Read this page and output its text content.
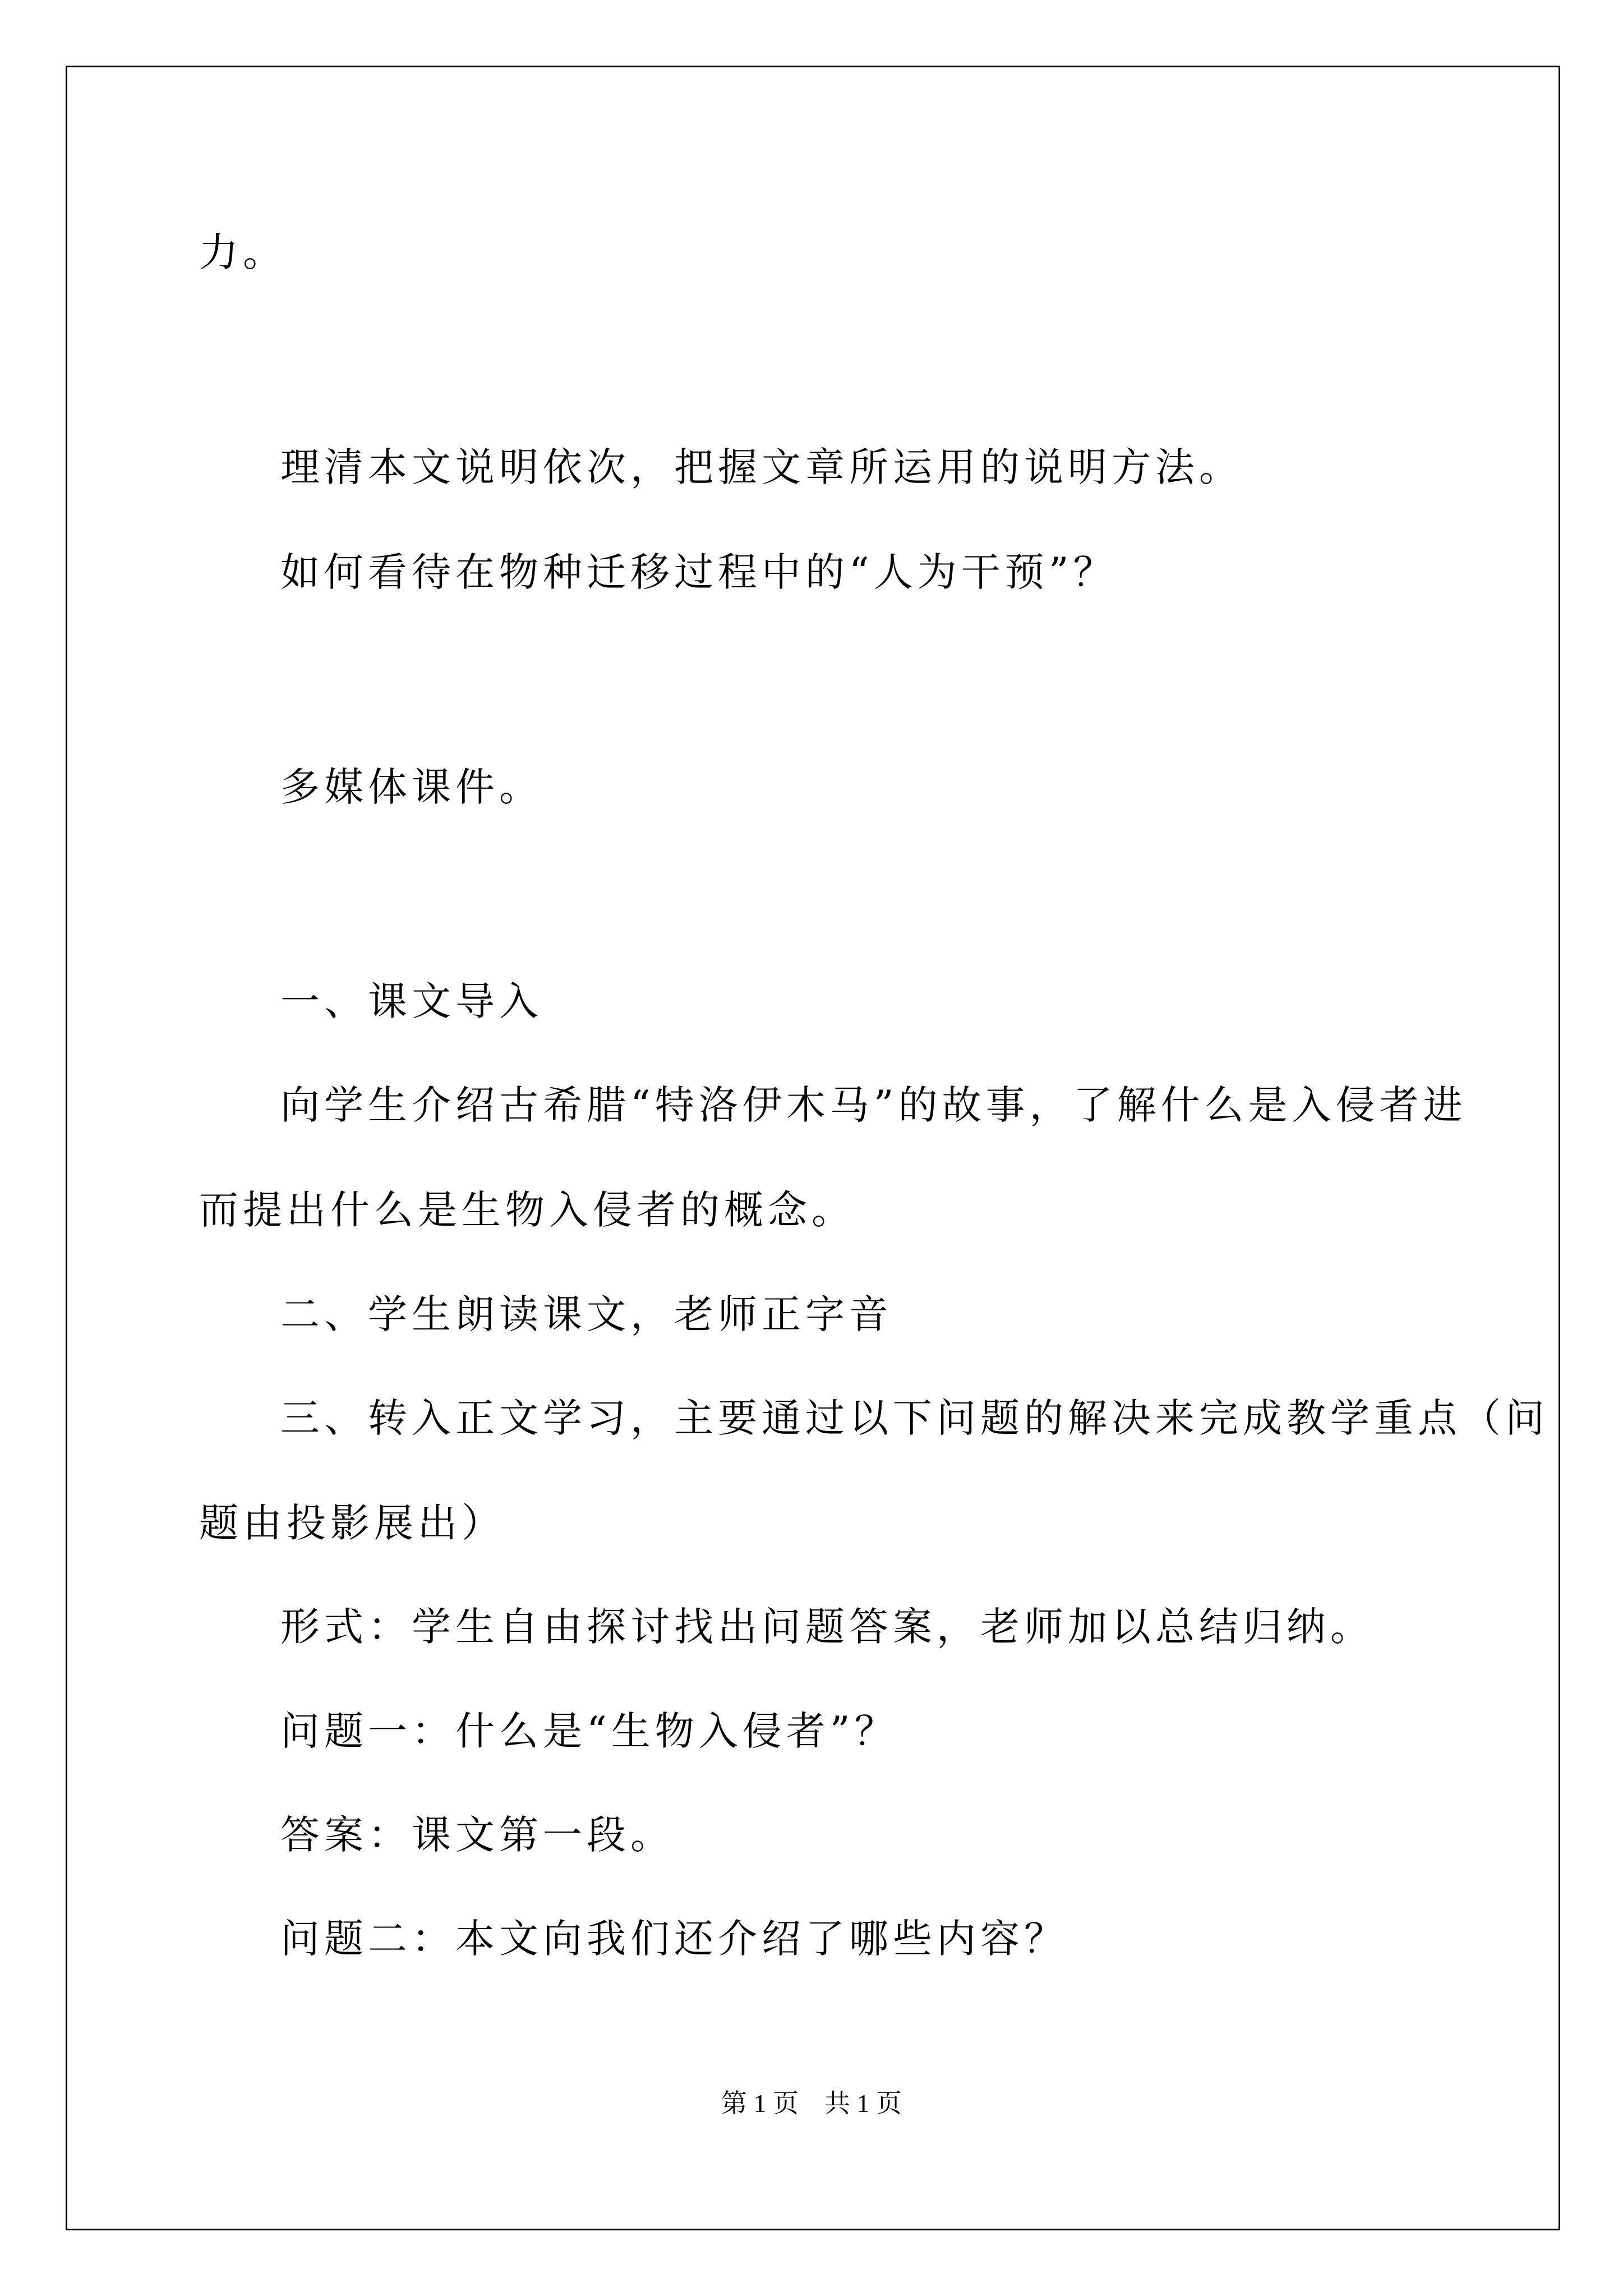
力。
理清本文说明依次，把握文章所运用的说明方法。
如何看待在物种迁移过程中的“人为干预”？
多媒体课件。
一、课文导入
向学生介绍古希腊“特洛伊木马”的故事，了解什么是入侵者进
而提出什么是生物入侵者的概念。
二、学生朗读课文，老师正字音
三、转入正文学习，主要通过以下问题的解决来完成教学重点（问
题由投影展出）
形式：学生自由探讨找出问题答案，老师加以总结归纳。
问题一：什么是“生物入侵者”？
答案：课文第一段。
问题二：本文向我们还介绍了哪些内容？
第 1 页　共 1 页
